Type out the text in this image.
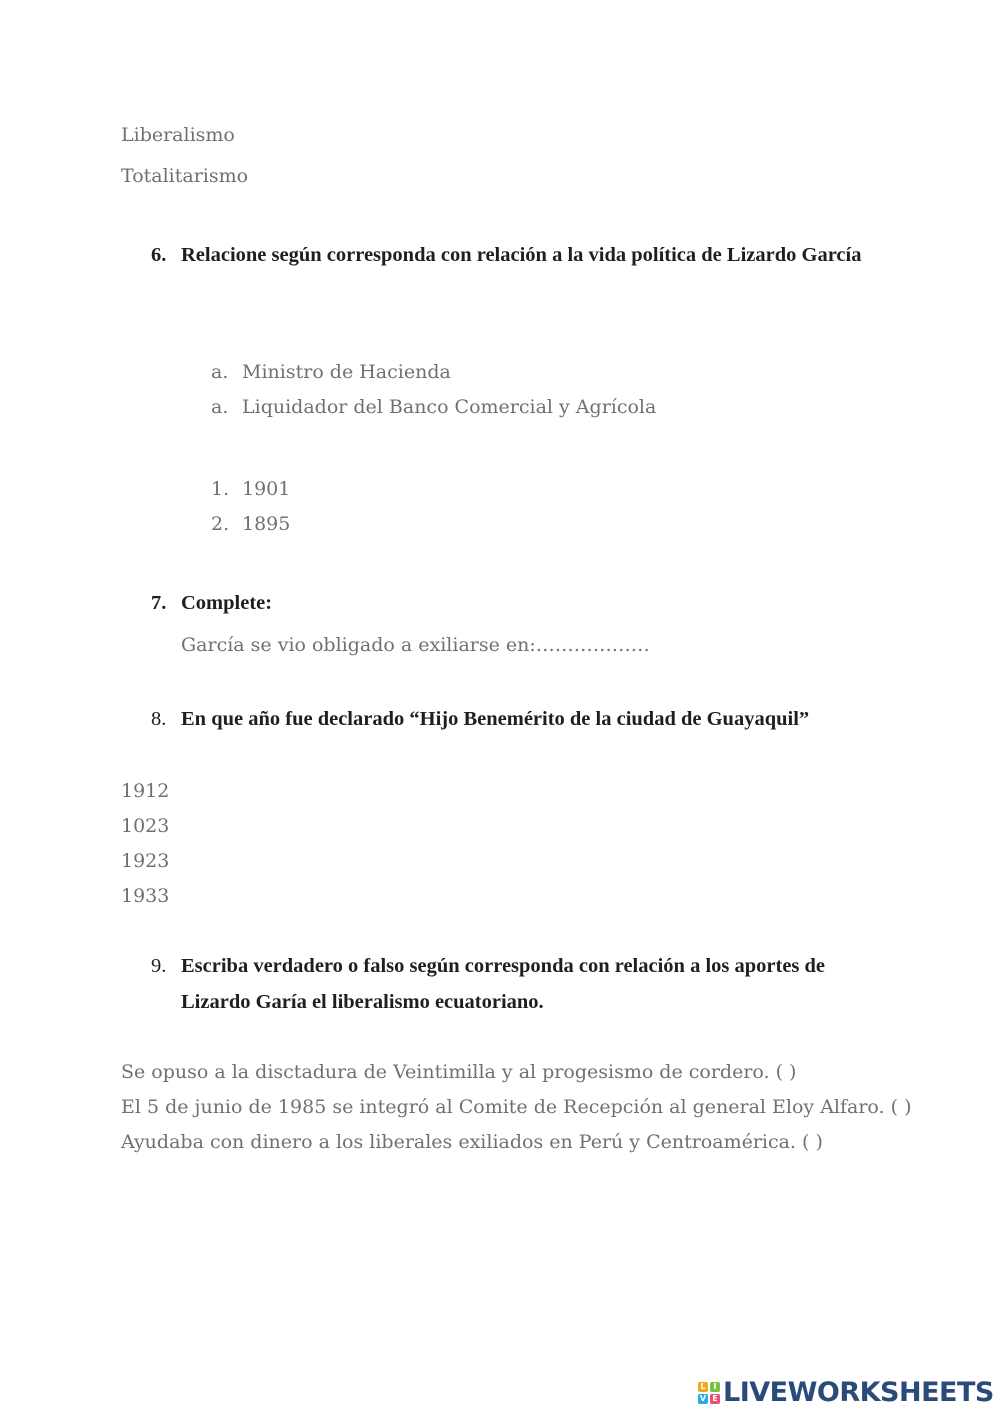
Liberalismo
Totalitarismo
6. Relacione según corresponda con relación a la vida política de Lizardo García
a. Ministro de Hacienda
a. Liquidador del Banco Comercial y Agrícola
1. 1901
2. 1895
7. Complete:
García se vio obligado a exiliarse en:………………
8. En que año fue declarado “Hijo Benemérito de la ciudad de Guayaquil”
1912
1023
1923
1933
9. Escriba verdadero o falso según corresponda con relación a los aportes de Lizardo Garía el liberalismo ecuatoriano.
Se opuso a la disctadura de Veintimilla y al progesismo de cordero. ( )
El 5 de junio de 1985 se integró al Comite de Recepción al general Eloy Alfaro. ( )
Ayudaba con dinero a los liberales exiliados en Perú y Centroamérica. ( )
L I
V E LIVEWORKSHEETS
